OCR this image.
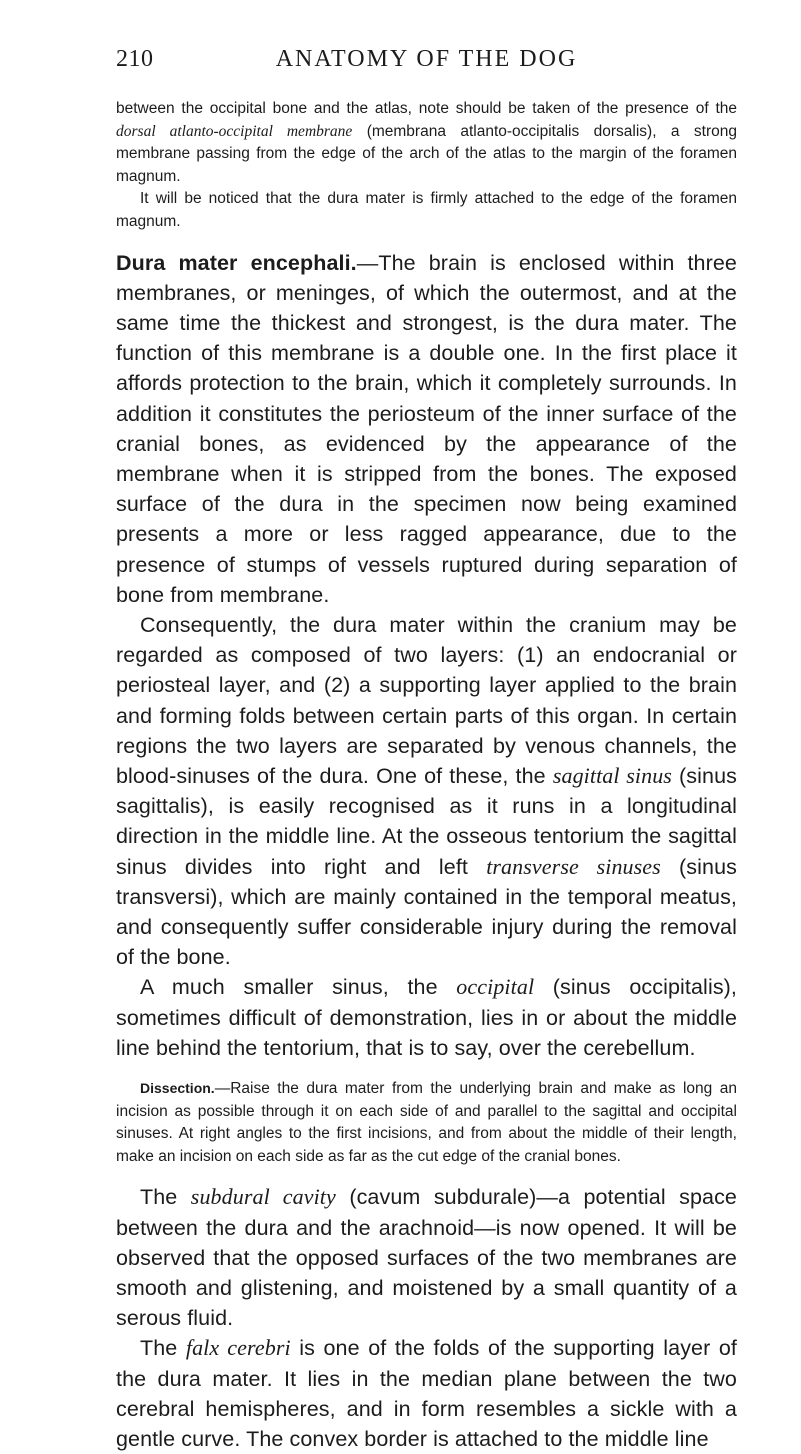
210	ANATOMY OF THE DOG

between the occipital bone and the atlas, note should be taken of the presence of the dorsal atlanto-occipital membrane (membrana atlanto-occipitalis dorsalis), a strong membrane passing from the edge of the arch of the atlas to the margin of the foramen magnum.

It will be noticed that the dura mater is firmly attached to the edge of the foramen magnum.

Dura mater encephali.—The brain is enclosed within three membranes, or meninges, of which the outermost, and at the same time the thickest and strongest, is the dura mater. The function of this membrane is a double one. In the first place it affords protection to the brain, which it completely surrounds. In addition it constitutes the periosteum of the inner surface of the cranial bones, as evidenced by the appearance of the membrane when it is stripped from the bones. The exposed surface of the dura in the specimen now being examined presents a more or less ragged appearance, due to the presence of stumps of vessels ruptured during separation of bone from membrane.

Consequently, the dura mater within the cranium may be regarded as composed of two layers: (1) an endocranial or periosteal layer, and (2) a supporting layer applied to the brain and forming folds between certain parts of this organ. In certain regions the two layers are separated by venous channels, the blood-sinuses of the dura. One of these, the sagittal sinus (sinus sagittalis), is easily recognised as it runs in a longitudinal direction in the middle line. At the osseous tentorium the sagittal sinus divides into right and left transverse sinuses (sinus transversi), which are mainly contained in the temporal meatus, and consequently suffer considerable injury during the removal of the bone.

A much smaller sinus, the occipital (sinus occipitalis), sometimes difficult of demonstration, lies in or about the middle line behind the tentorium, that is to say, over the cerebellum.

Dissection.—Raise the dura mater from the underlying brain and make as long an incision as possible through it on each side of and parallel to the sagittal and occipital sinuses. At right angles to the first incisions, and from about the middle of their length, make an incision on each side as far as the cut edge of the cranial bones.

The subdural cavity (cavum subdurale)—a potential space between the dura and the arachnoid—is now opened. It will be observed that the opposed surfaces of the two membranes are smooth and glistening, and moistened by a small quantity of a serous fluid.

The falx cerebri is one of the folds of the supporting layer of the dura mater. It lies in the median plane between the two cerebral hemispheres, and in form resembles a sickle with a gentle curve. The convex border is attached to the middle line
